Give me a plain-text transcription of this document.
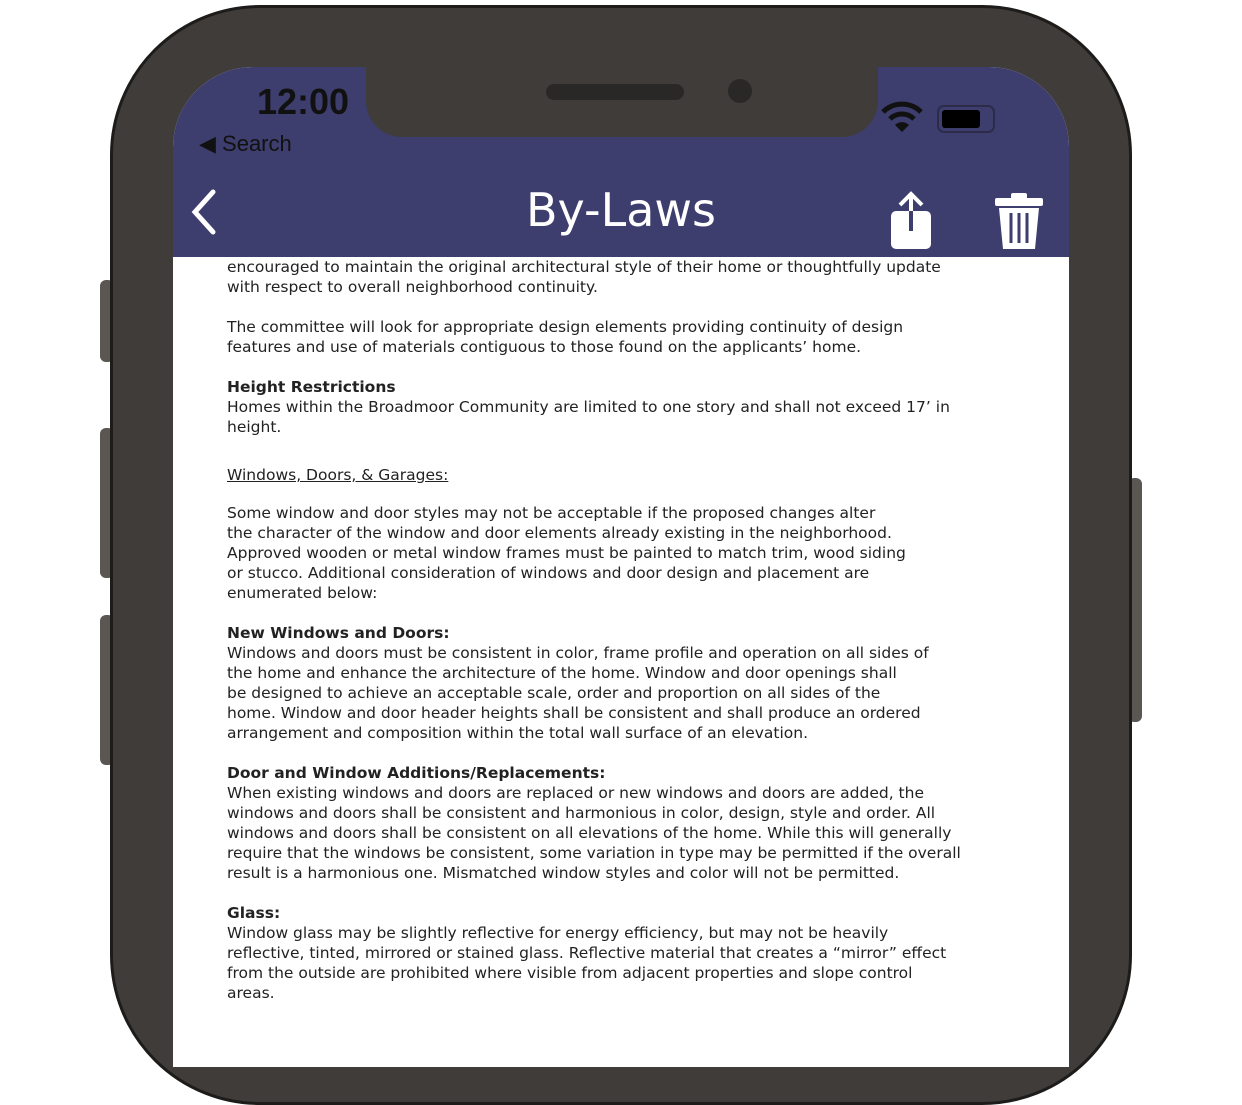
12:00
◀ Search
By-Laws

encouraged to maintain the original architectural style of their home or thoughtfully update
with respect to overall neighborhood continuity.

The committee will look for appropriate design elements providing continuity of design
features and use of materials contiguous to those found on the applicants’ home.

Height Restrictions
Homes within the Broadmoor Community are limited to one story and shall not exceed 17’ in
height.

Windows, Doors, & Garages:

Some window and door styles may not be acceptable if the proposed changes alter
the character of the window and door elements already existing in the neighborhood.
Approved wooden or metal window frames must be painted to match trim, wood siding
or stucco. Additional consideration of windows and door design and placement are
enumerated below:

New Windows and Doors:
Windows and doors must be consistent in color, frame profile and operation on all sides of
the home and enhance the architecture of the home. Window and door openings shall
be designed to achieve an acceptable scale, order and proportion on all sides of the
home. Window and door header heights shall be consistent and shall produce an ordered
arrangement and composition within the total wall surface of an elevation.

Door and Window Additions/Replacements:
When existing windows and doors are replaced or new windows and doors are added, the
windows and doors shall be consistent and harmonious in color, design, style and order. All
windows and doors shall be consistent on all elevations of the home. While this will generally
require that the windows be consistent, some variation in type may be permitted if the overall
result is a harmonious one. Mismatched window styles and color will not be permitted.

Glass:
Window glass may be slightly reflective for energy efficiency, but may not be heavily
reflective, tinted, mirrored or stained glass. Reflective material that creates a “mirror” effect
from the outside are prohibited where visible from adjacent properties and slope control
areas.
